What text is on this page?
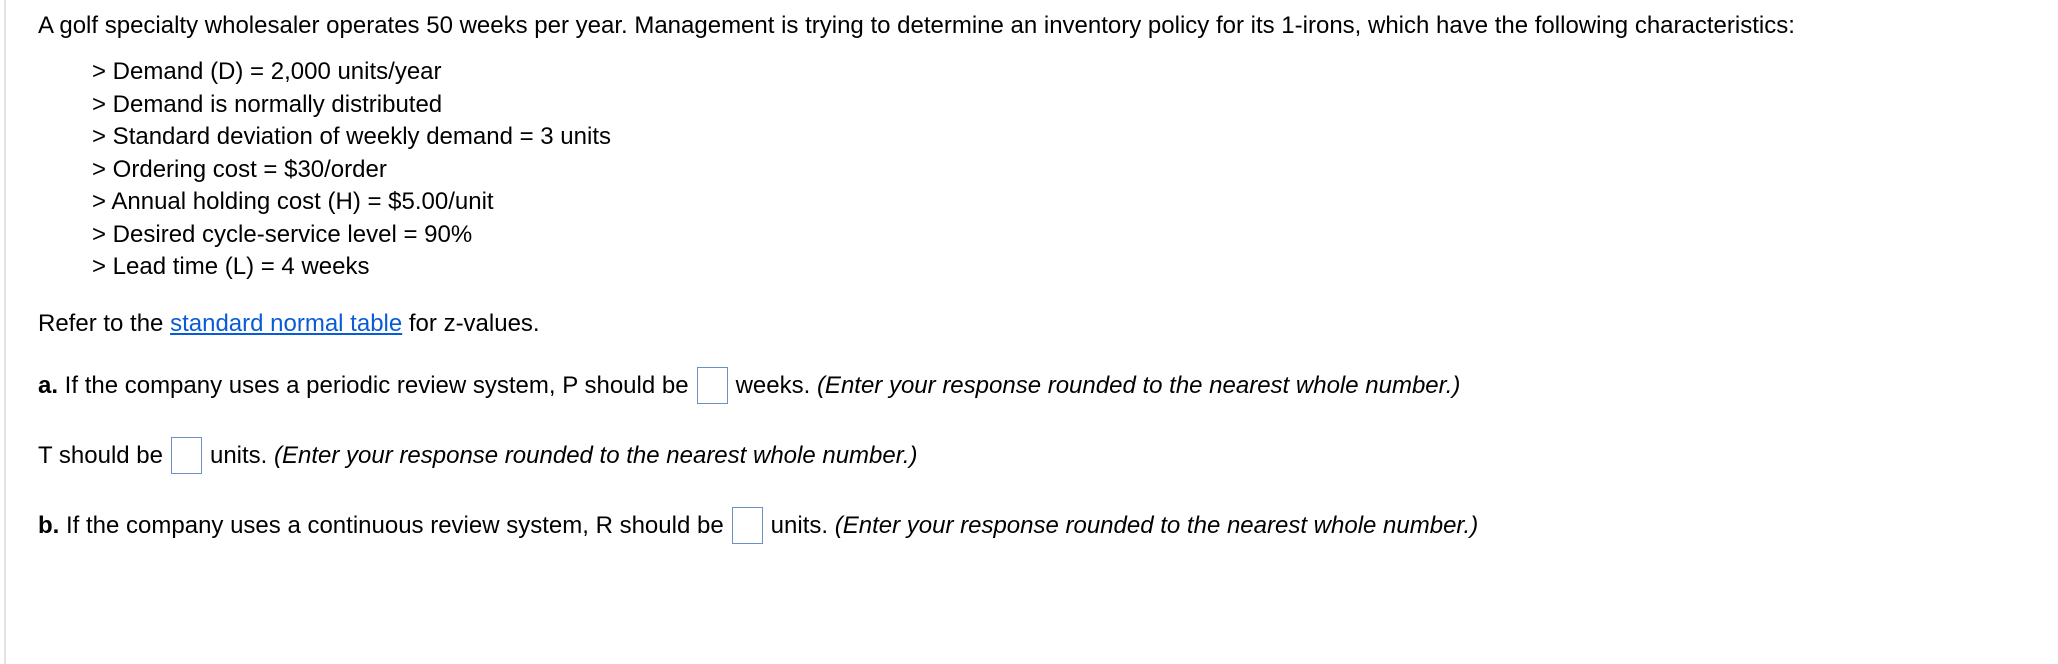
A golf specialty wholesaler operates 50 weeks per year. Management is trying to determine an inventory policy for its 1-irons, which have the following characteristics:

> Demand (D) = 2,000 units/year
> Demand is normally distributed
> Standard deviation of weekly demand = 3 units
> Ordering cost = $30/order
> Annual holding cost (H) = $5.00/unit
> Desired cycle-service level = 90%
> Lead time (L) = 4 weeks
Refer to the standard normal table for z-values.
a. If the company uses a periodic review system, P should be weeks.
(Enter your response rounded to the nearest whole number.)
T should be units.
(Enter your response rounded to the nearest whole number.)
b. If the company uses a continuous review system, R should be units.
(Enter your response rounded to the nearest whole number.)
